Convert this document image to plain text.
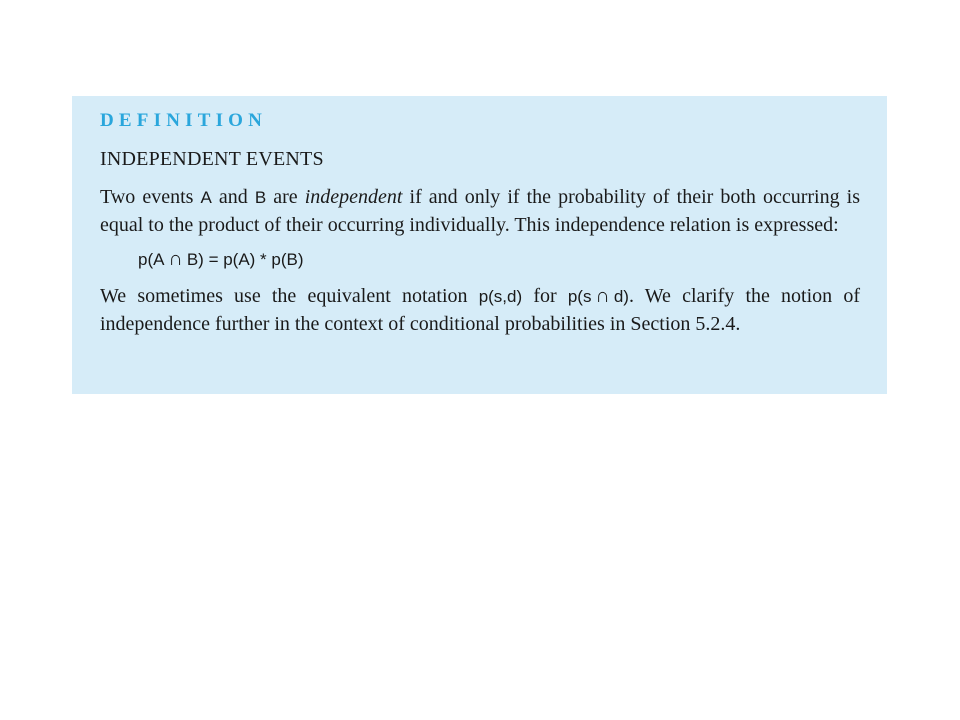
DEFINITION
INDEPENDENT EVENTS
Two events A and B are independent if and only if the probability of their both occurring is equal to the product of their occurring individually. This independence relation is expressed:
p(A ∩ B) = p(A) * p(B)
We sometimes use the equivalent notation p(s,d) for p(s ∩ d). We clarify the notion of independence further in the context of conditional probabilities in Section 5.2.4.
